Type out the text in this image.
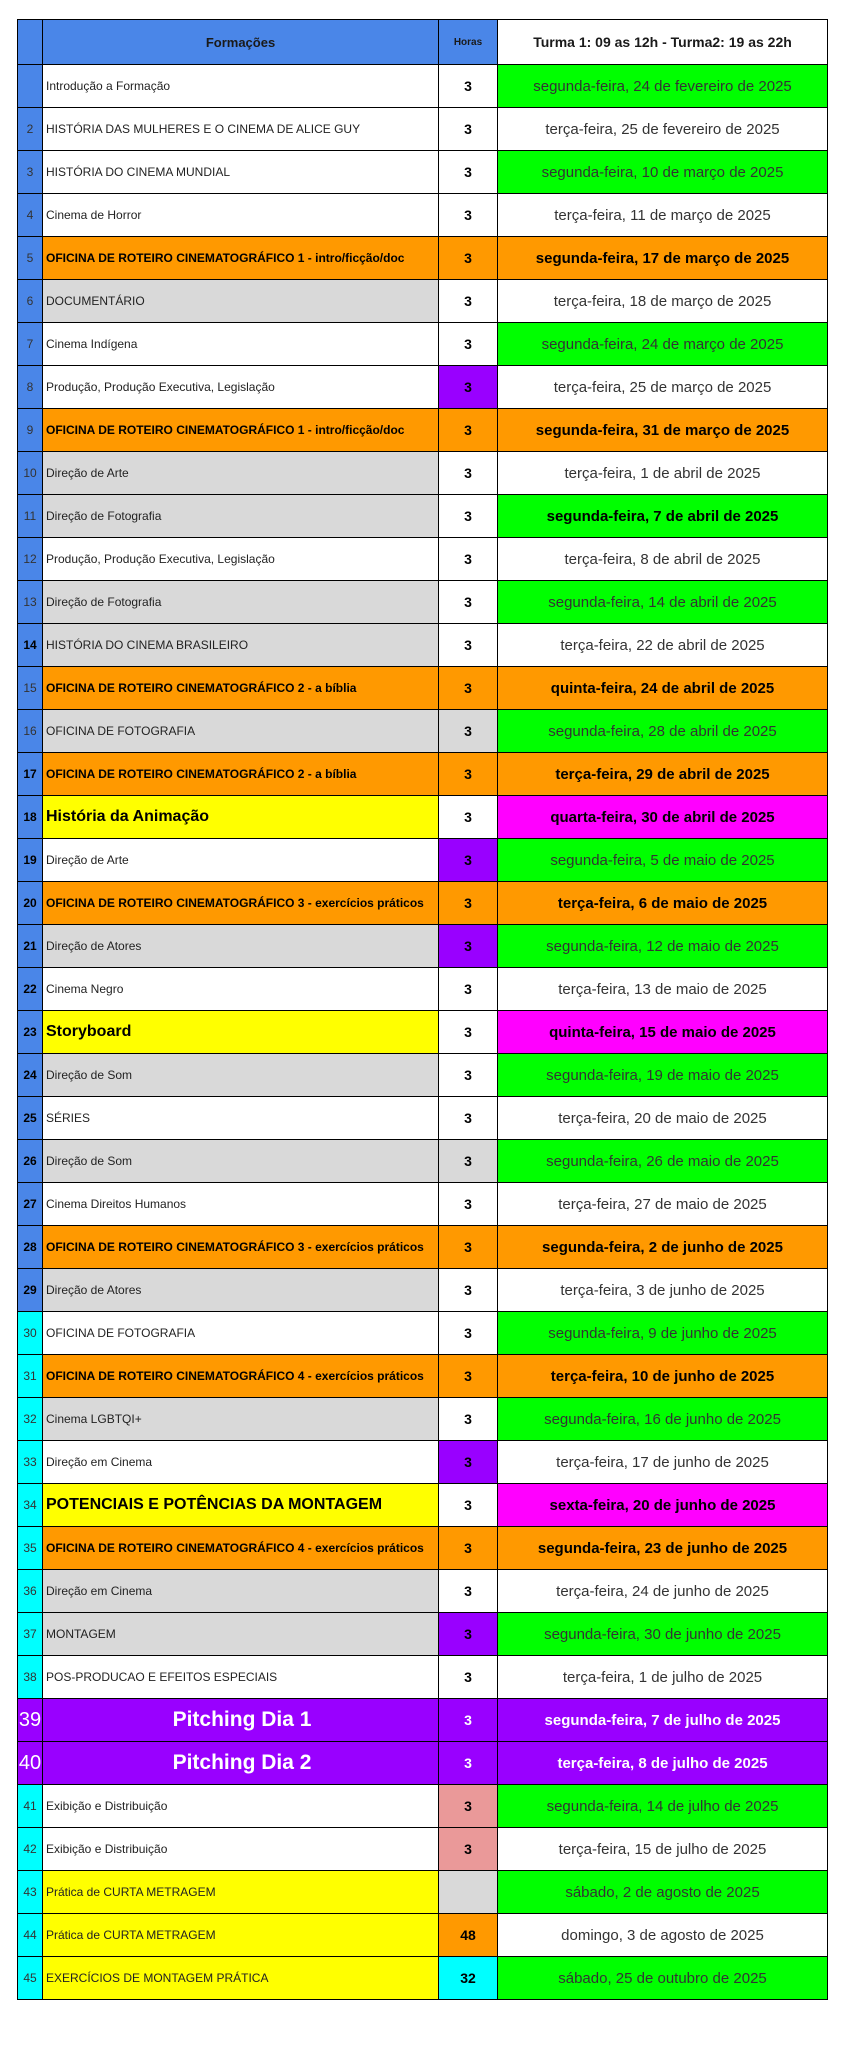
	Formações	Horas	Turma 1: 09 as 12h - Turma2: 19 as 22h
	Introdução a Formação	3	segunda-feira, 24 de fevereiro de 2025
2	HISTÓRIA DAS MULHERES E O CINEMA DE ALICE GUY	3	terça-feira, 25 de fevereiro de 2025
3	HISTÓRIA DO CINEMA MUNDIAL	3	segunda-feira, 10 de março de 2025
4	Cinema de Horror	3	terça-feira, 11 de março de 2025
5	OFICINA DE ROTEIRO CINEMATOGRÁFICO 1 - intro/ficção/doc	3	segunda-feira, 17 de março de 2025
6	DOCUMENTÁRIO	3	terça-feira, 18 de março de 2025
7	Cinema Indígena	3	segunda-feira, 24 de março de 2025
8	Produção, Produção Executiva, Legislação	3	terça-feira, 25 de março de 2025
9	OFICINA DE ROTEIRO CINEMATOGRÁFICO 1 - intro/ficção/doc	3	segunda-feira, 31 de março de 2025
10	Direção de Arte	3	terça-feira, 1 de abril de 2025
11	Direção de Fotografia	3	segunda-feira, 7 de abril de 2025
12	Produção, Produção Executiva, Legislação	3	terça-feira, 8 de abril de 2025
13	Direção de Fotografia	3	segunda-feira, 14 de abril de 2025
14	HISTÓRIA DO CINEMA BRASILEIRO	3	terça-feira, 22 de abril de 2025
15	OFICINA DE ROTEIRO CINEMATOGRÁFICO 2 - a bíblia	3	quinta-feira, 24 de abril de 2025
16	OFICINA DE FOTOGRAFIA	3	segunda-feira, 28 de abril de 2025
17	OFICINA DE ROTEIRO CINEMATOGRÁFICO 2 - a bíblia	3	terça-feira, 29 de abril de 2025
18	História da Animação	3	quarta-feira, 30 de abril de 2025
19	Direção de Arte	3	segunda-feira, 5 de maio de 2025
20	OFICINA DE ROTEIRO CINEMATOGRÁFICO 3 - exercícios práticos	3	terça-feira, 6 de maio de 2025
21	Direção de Atores	3	segunda-feira, 12 de maio de 2025
22	Cinema Negro	3	terça-feira, 13 de maio de 2025
23	Storyboard	3	quinta-feira, 15 de maio de 2025
24	Direção de Som	3	segunda-feira, 19 de maio de 2025
25	SÉRIES	3	terça-feira, 20 de maio de 2025
26	Direção de Som	3	segunda-feira, 26 de maio de 2025
27	Cinema Direitos Humanos	3	terça-feira, 27 de maio de 2025
28	OFICINA DE ROTEIRO CINEMATOGRÁFICO 3 - exercícios práticos	3	segunda-feira, 2 de junho de 2025
29	Direção de Atores	3	terça-feira, 3 de junho de 2025
30	OFICINA DE FOTOGRAFIA	3	segunda-feira, 9 de junho de 2025
31	OFICINA DE ROTEIRO CINEMATOGRÁFICO 4 - exercícios práticos	3	terça-feira, 10 de junho de 2025
32	Cinema LGBTQI+	3	segunda-feira, 16 de junho de 2025
33	Direção em Cinema	3	terça-feira, 17 de junho de 2025
34	POTENCIAIS E POTÊNCIAS DA MONTAGEM	3	sexta-feira, 20 de junho de 2025
35	OFICINA DE ROTEIRO CINEMATOGRÁFICO 4 - exercícios práticos	3	segunda-feira, 23 de junho de 2025
36	Direção em Cinema	3	terça-feira, 24 de junho de 2025
37	MONTAGEM	3	segunda-feira, 30 de junho de 2025
38	POS-PRODUCAO E EFEITOS ESPECIAIS	3	terça-feira, 1 de julho de 2025
39	Pitching Dia 1	3	segunda-feira, 7 de julho de 2025
40	Pitching Dia 2	3	terça-feira, 8 de julho de 2025
41	Exibição e Distribuição	3	segunda-feira, 14 de julho de 2025
42	Exibição e Distribuição	3	terça-feira, 15 de julho de 2025
43	Prática de CURTA METRAGEM		sábado, 2 de agosto de 2025
44	Prática de CURTA METRAGEM	48	domingo, 3 de agosto de 2025
45	EXERCÍCIOS DE MONTAGEM PRÁTICA	32	sábado, 25 de outubro de 2025
